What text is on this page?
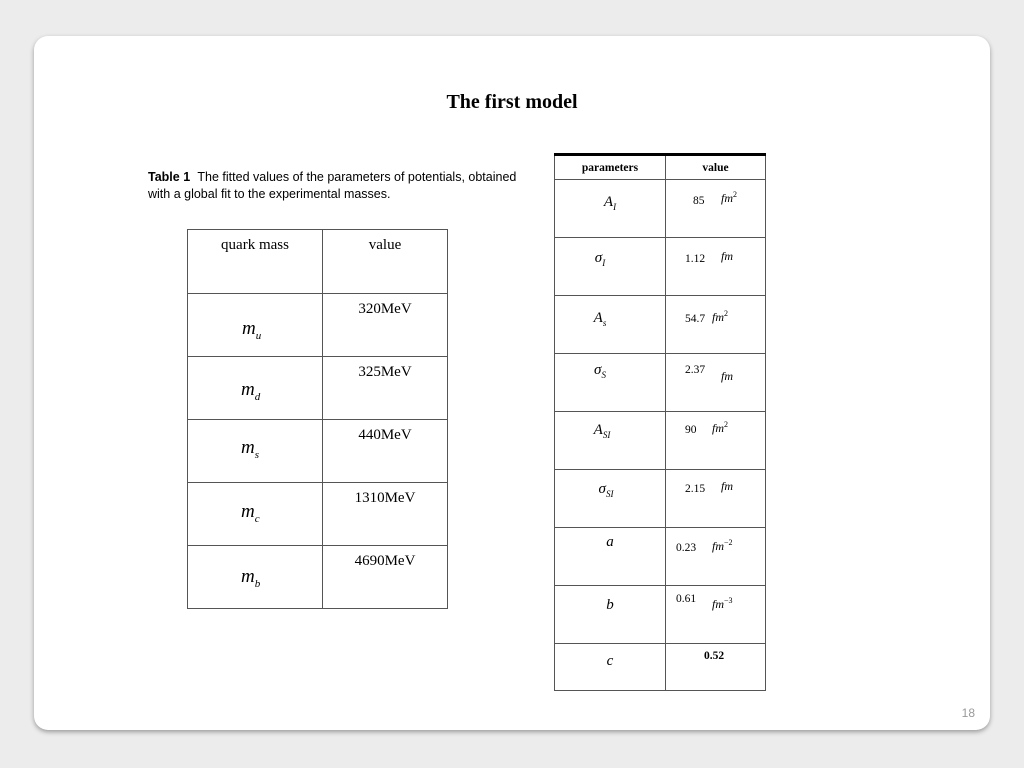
The first model
Table 1 The fitted values of the parameters of potentials, obtained with a global fit to the experimental masses.
quark mass	value

$m_u$	320MeV

$m_d$	325MeV

$m_s$	440MeV

$m_c$	1310MeV

$m_b$	4690MeV
parameters	value

$A_I$	85 $fm^2$

$\sigma_I$	1.12 fm

$A_s$	54.7 $fm^2$

$\sigma_S$	2.37 fm

$A_{SI}$	90 $fm^2$

$\sigma_{SI}$	2.15 fm

a	0.23 $fm^{-2}$

b	0.61 $fm^{-3}$

c	0.52
18
